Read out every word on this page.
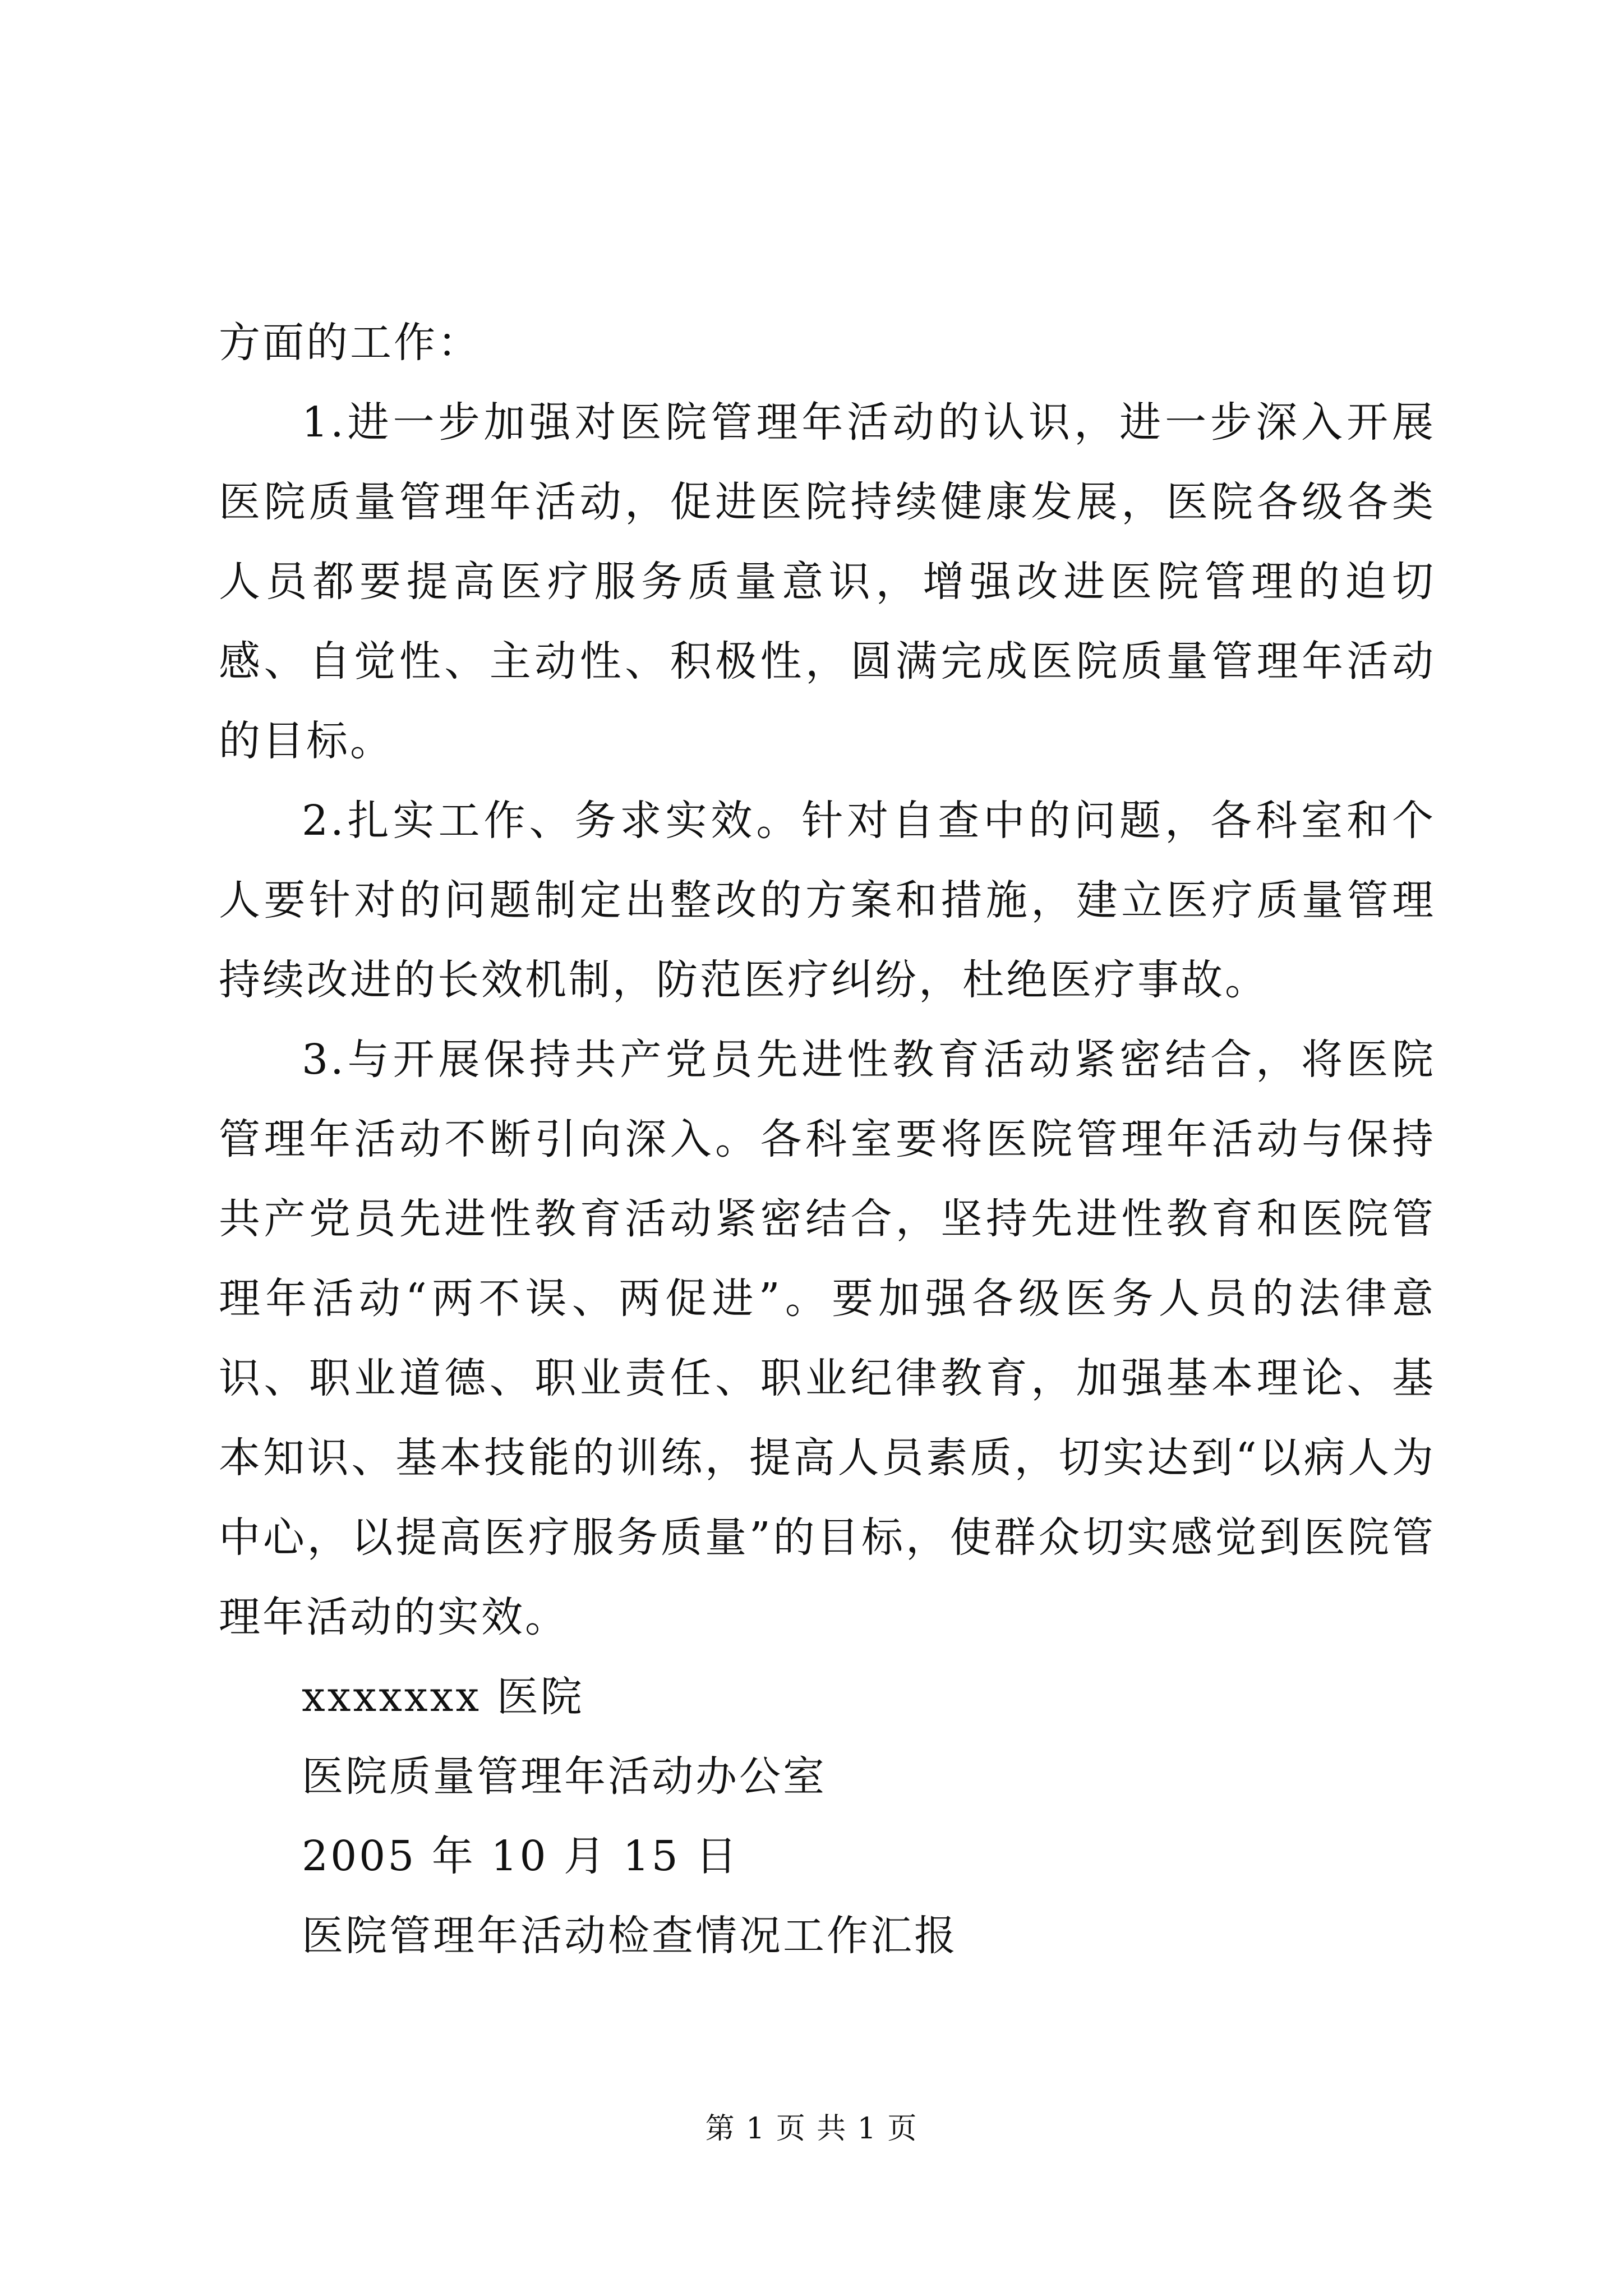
方面的工作：

1.进一步加强对医院管理年活动的认识，进一步深入开展医院质量管理年活动，促进医院持续健康发展，医院各级各类人员都要提高医疗服务质量意识，增强改进医院管理的迫切感、自觉性、主动性、积极性，圆满完成医院质量管理年活动的目标。

2.扎实工作、务求实效。针对自查中的问题，各科室和个人要针对的问题制定出整改的方案和措施，建立医疗质量管理持续改进的长效机制，防范医疗纠纷，杜绝医疗事故。

3.与开展保持共产党员先进性教育活动紧密结合，将医院管理年活动不断引向深入。各科室要将医院管理年活动与保持共产党员先进性教育活动紧密结合，坚持先进性教育和医院管理年活动“两不误、两促进”。要加强各级医务人员的法律意识、职业道德、职业责任、职业纪律教育，加强基本理论、基本知识、基本技能的训练，提高人员素质，切实达到“以病人为中心，以提高医疗服务质量”的目标，使群众切实感觉到医院管理年活动的实效。

xxxxxxx 医院

医院质量管理年活动办公室

2005 年 10 月 15 日

医院管理年活动检查情况工作汇报

第 1 页 共 1 页
